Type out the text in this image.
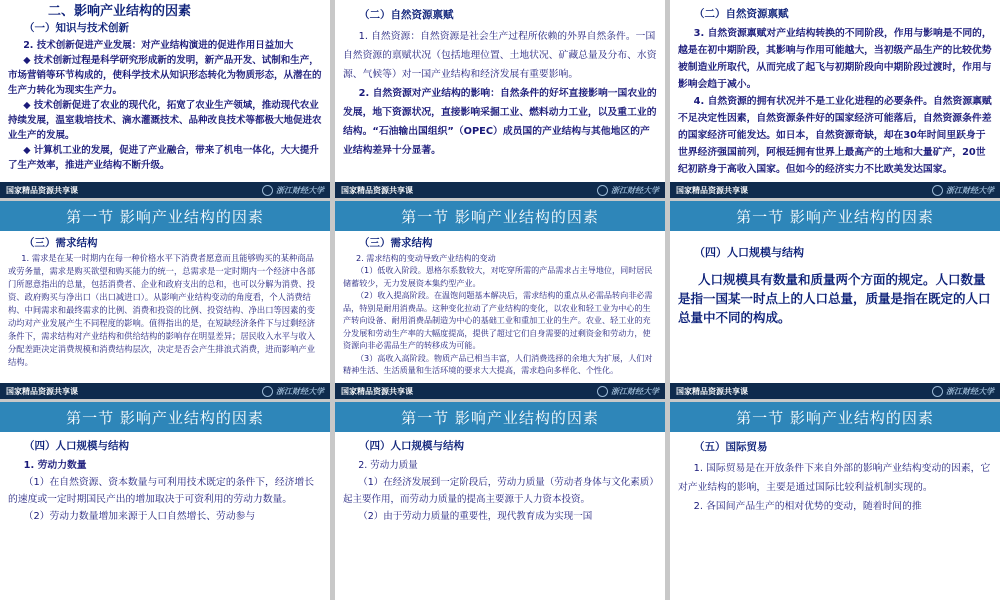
二、影响产业结构的因素
（一）知识与技术创新

2. 技术创新促进产业发展：对产业结构演进的促进作用日益加大

◆ 技术创新过程是科学研究形成新的发明，新产品开发、试制和生产，市场营销等环节构成的，使科学技术从知识形态转化为物质形态，从潜在的生产力转化为现实生产力。

◆ 技术创新促进了农业的现代化，拓宽了农业生产领域，推动现代农业持续发展，温室栽培技术、滴水灌溉技术、品种改良技术等都极大地促进农业生产的发展。

◆ 计算机工业的发展，促进了产业融合，带来了机电一体化，大大提升了生产效率，推进产业结构不断升级。

国家精品资源共享课	浙江财经大学
（二）自然资源禀赋

1. 自然资源：自然资源是社会生产过程所依赖的外界自然条件。一国自然资源的禀赋状况（包括地理位置、土地状况、矿藏总量及分布、水资源、气候等）对一国产业结构和经济发展有重要影响。

2. 自然资源对产业结构的影响：自然条件的好坏直接影响一国农业的发展，地下资源状况，直接影响采掘工业、燃料动力工业，以及重工业的结构。“石油输出国组织”（OPEC）成员国的产业结构与其他地区的产业结构差异十分显著。

国家精品资源共享课	浙江财经大学
（二）自然资源禀赋

3. 自然资源禀赋对产业结构转换的不同阶段，作用与影响是不同的，越是在初中期阶段，其影响与作用可能越大，当初级产品生产的比较优势被制造业所取代，从而完成了起飞与初期阶段向中期阶段过渡时，作用与影响会趋于减小。

4. 自然资源的拥有状况并不是工业化进程的必要条件。自然资源禀赋不足决定性因素，自然资源条件好的国家经济可能落后，自然资源条件差的国家经济可能发达。如日本，自然资源奇缺，却在30年时间里跃身于世界经济强国前列，阿根廷拥有世界上最高产的土地和大量矿产，20世纪初跻身于高收入国家。但如今的经济实力不比欧美发达国家。

国家精品资源共享课	浙江财经大学
第一节 影响产业结构的因素
（三）需求结构

1. 需求是在某一时期内在每一种价格水平下消费者愿意而且能够购买的某种商品或劳务量，需求是购买欲望和购买能力的统一，总需求是一定时期内一个经济中各部门所愿意指出的总量，包括消费者、企业和政府支出的总和，也可以分解为消费、投资、政府购买与净出口（出口减进口）。从影响产业结构变动的角度看，个人消费结构、中间需求和最终需求的比例、消费和投资的比例、投资结构、净出口等因素的变动均对产业发展产生不同程度的影响。值得指出的是，在短缺经济条件下与过剩经济条件下，需求结构对产业结构和供给结构的影响存在明显差异；居民收入水平与收入分配差距决定消费规模和消费结构层次，决定是否会产生排浪式消费，进而影响产业结构。

国家精品资源共享课	浙江财经大学
第一节 影响产业结构的因素
（三）需求结构

2. 需求结构的变动导致产业结构的变动

（1）低收入阶段。恩格尔系数较大，对吃穿所需的产品需求占主导地位，同时居民储蓄较少，无力发展资本集约型产业。

（2）收入提高阶段。在温饱问题基本解决后，需求结构的重点从必需品转向非必需品，特别是耐用消费品。这种变化拉动了产业结构的变化，以农业和轻工业为中心的生产转向设备、耐用消费品制造为中心的基础工业和重加工业的生产。农业、轻工业的充分发展和劳动生产率的大幅度提高，提供了超过它们自身需要的过剩资金和劳动力，使资源向非必需品生产的转移成为可能。

（3）高收入高阶段。物质产品已相当丰富，人们消费选择的余地大为扩展，人们对精神生活、生活质量和生活环境的要求大大提高，需求趋向多样化、个性化。

国家精品资源共享课	浙江财经大学
第一节 影响产业结构的因素
（四）人口规模与结构

人口规模具有数量和质量两个方面的规定。人口数量是指一国某一时点上的人口总量，质量是指在既定的人口总量中不同的构成。

国家精品资源共享课	浙江财经大学
第一节 影响产业结构的因素
（四）人口规模与结构

1. 劳动力数量

（1）在自然资源、资本数量与可利用技术既定的条件下，经济增长的速度或一定时期国民产出的增加取决于可资利用的劳动力数量。

（2）劳动力数量增加来源于人口自然增长、劳动参与

第一节 影响产业结构的因素
（四）人口规模与结构

2. 劳动力质量

（1）在经济发展到一定阶段后，劳动力质量（劳动者身体与文化素质）起主要作用，而劳动力质量的提高主要源于人力资本投资。

（2）由于劳动力质量的重要性，现代教育成为实现一国

第一节 影响产业结构的因素
（五）国际贸易

1. 国际贸易是在开放条件下来自外部的影响产业结构变动的因素，它对产业结构的影响，主要是通过国际比较利益机制实现的。

2. 各国间产品生产的相对优势的变动，随着时间的推
